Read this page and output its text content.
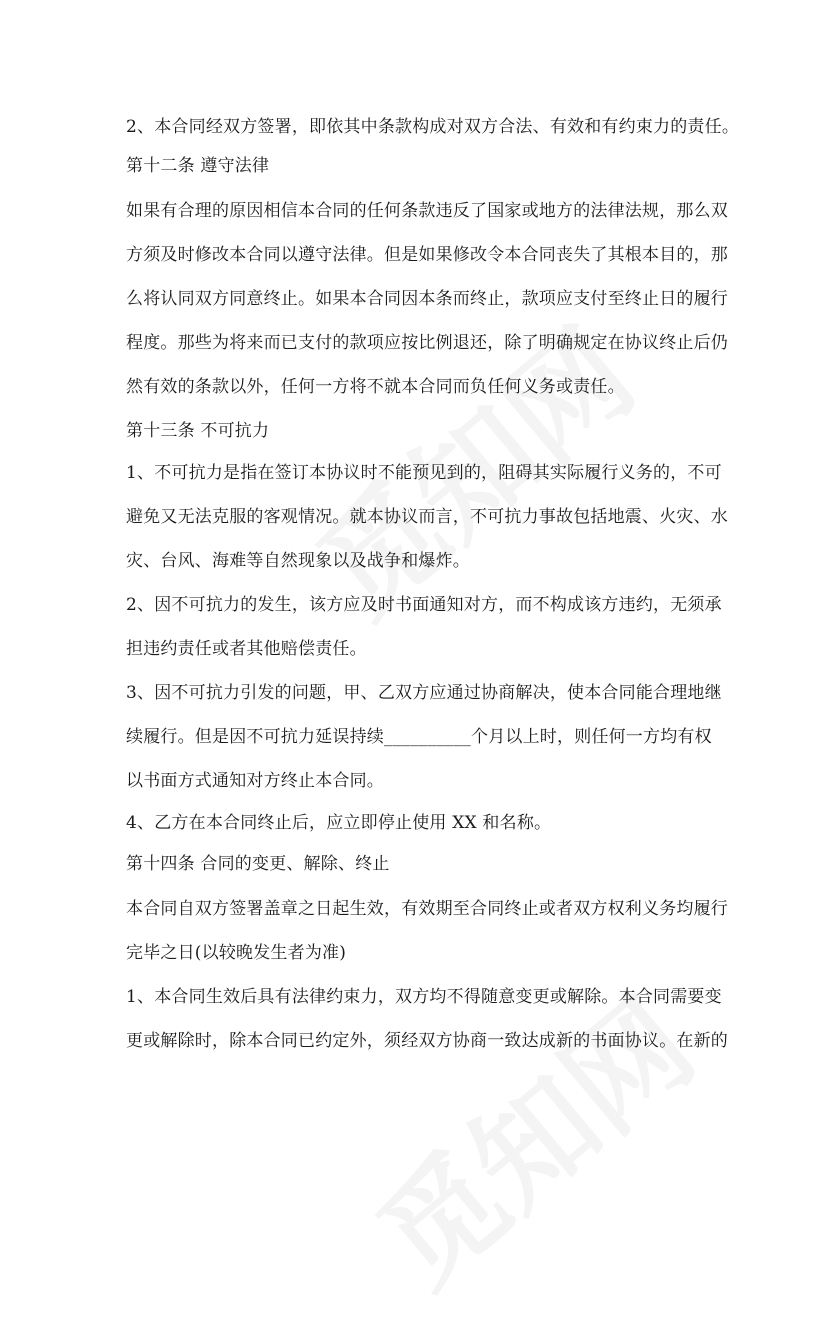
2、本合同经双方签署，即依其中条款构成对双方合法、有效和有约束力的责任。
第十二条 遵守法律
如果有合理的原因相信本合同的任何条款违反了国家或地方的法律法规，那么双
方须及时修改本合同以遵守法律。但是如果修改令本合同丧失了其根本目的，那
么将认同双方同意终止。如果本合同因本条而终止，款项应支付至终止日的履行
程度。那些为将来而已支付的款项应按比例退还，除了明确规定在协议终止后仍
然有效的条款以外，任何一方将不就本合同而负任何义务或责任。
第十三条 不可抗力
1、不可抗力是指在签订本协议时不能预见到的，阻碍其实际履行义务的，不可
避免又无法克服的客观情况。就本协议而言，不可抗力事故包括地震、火灾、水
灾、台风、海难等自然现象以及战争和爆炸。
2、因不可抗力的发生，该方应及时书面通知对方，而不构成该方违约，无须承
担违约责任或者其他赔偿责任。
3、因不可抗力引发的问题，甲、乙双方应通过协商解决，使本合同能合理地继
续履行。但是因不可抗力延误持续__________个月以上时，则任何一方均有权
以书面方式通知对方终止本合同。
4、乙方在本合同终止后，应立即停止使用 XX 和名称。
第十四条 合同的变更、解除、终止
本合同自双方签署盖章之日起生效，有效期至合同终止或者双方权利义务均履行
完毕之日(以较晚发生者为准)
1、本合同生效后具有法律约束力，双方均不得随意变更或解除。本合同需要变
更或解除时，除本合同已约定外，须经双方协商一致达成新的书面协议。在新的
